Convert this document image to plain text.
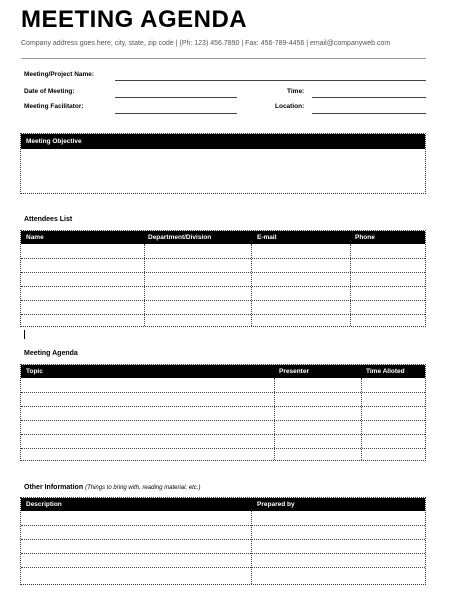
MEETING AGENDA
Company address goes here, city, state, zip code | (Ph: 123) 456.7890 | Fax: 456-789-4456 | email@companyweb.com
Meeting/Project Name:
Date of Meeting:	Time:
Meeting Facilitator:	Location:
Meeting Objective
Attendees List
Name	Department/Division	E-mail	Phone
Meeting Agenda
Topic	Presenter	Time Alloted
Other Information (Things to bring with, reading material, etc.)
Description	Prepared by
